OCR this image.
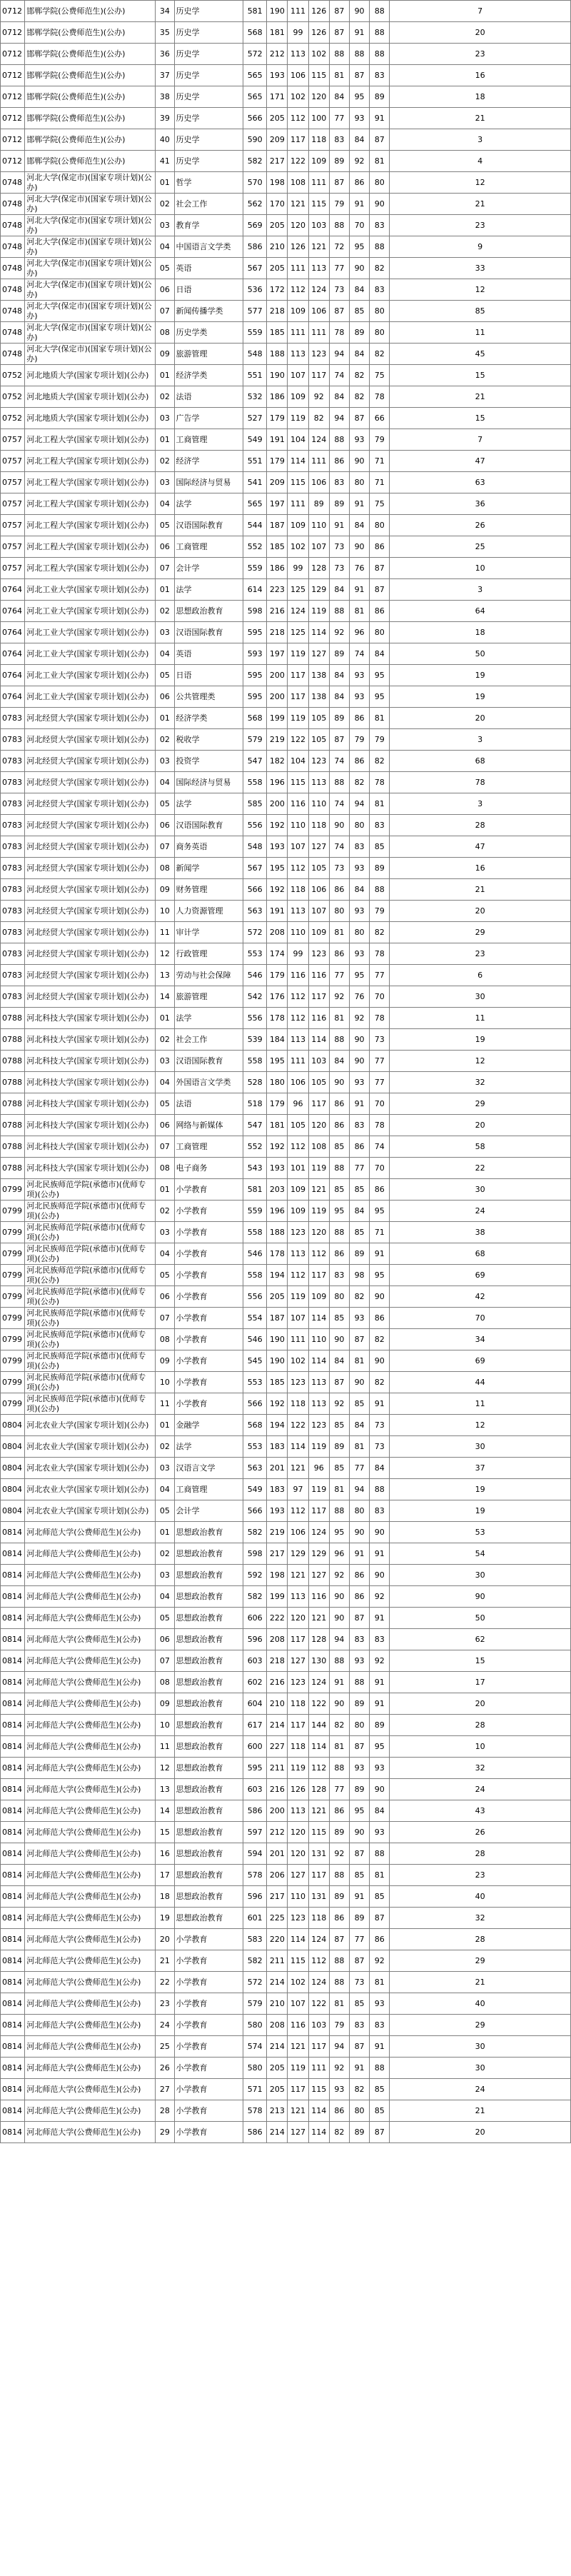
0712	邯郸学院(公费师范生)(公办)	34	历史学	581	190	111	126	87	90	88	7
0712	邯郸学院(公费师范生)(公办)	35	历史学	568	181	99	126	87	91	88	20
0712	邯郸学院(公费师范生)(公办)	36	历史学	572	212	113	102	88	88	88	23
0712	邯郸学院(公费师范生)(公办)	37	历史学	565	193	106	115	81	87	83	16
0712	邯郸学院(公费师范生)(公办)	38	历史学	565	171	102	120	84	95	89	18
0712	邯郸学院(公费师范生)(公办)	39	历史学	566	205	112	100	77	93	91	21
0712	邯郸学院(公费师范生)(公办)	40	历史学	590	209	117	118	83	84	87	3
0712	邯郸学院(公费师范生)(公办)	41	历史学	582	217	122	109	89	92	81	4
0748	河北大学(保定市)(国家专项计划)(公办)	01	哲学	570	198	108	111	87	86	80	12
0748	河北大学(保定市)(国家专项计划)(公办)	02	社会工作	562	170	121	115	79	91	90	21
0748	河北大学(保定市)(国家专项计划)(公办)	03	教育学	569	205	120	103	88	70	83	23
0748	河北大学(保定市)(国家专项计划)(公办)	04	中国语言文学类	586	210	126	121	72	95	88	9
0748	河北大学(保定市)(国家专项计划)(公办)	05	英语	567	205	111	113	77	90	82	33
0748	河北大学(保定市)(国家专项计划)(公办)	06	日语	536	172	112	124	73	84	83	12
0748	河北大学(保定市)(国家专项计划)(公办)	07	新闻传播学类	577	218	109	106	87	85	80	85
0748	河北大学(保定市)(国家专项计划)(公办)	08	历史学类	559	185	111	111	78	89	80	11
0748	河北大学(保定市)(国家专项计划)(公办)	09	旅游管理	548	188	113	123	94	84	82	45
0752	河北地质大学(国家专项计划)(公办)	01	经济学类	551	190	107	117	74	82	75	15
0752	河北地质大学(国家专项计划)(公办)	02	法语	532	186	109	92	84	82	78	21
0752	河北地质大学(国家专项计划)(公办)	03	广告学	527	179	119	82	94	87	66	15
0757	河北工程大学(国家专项计划)(公办)	01	工商管理	549	191	104	124	88	93	79	7
0757	河北工程大学(国家专项计划)(公办)	02	经济学	551	179	114	111	86	90	71	47
0757	河北工程大学(国家专项计划)(公办)	03	国际经济与贸易	541	209	115	106	83	80	71	63
0757	河北工程大学(国家专项计划)(公办)	04	法学	565	197	111	89	89	91	75	36
0757	河北工程大学(国家专项计划)(公办)	05	汉语国际教育	544	187	109	110	91	84	80	26
0757	河北工程大学(国家专项计划)(公办)	06	工商管理	552	185	102	107	73	90	86	25
0757	河北工程大学(国家专项计划)(公办)	07	会计学	559	186	99	128	73	76	87	10
0764	河北工业大学(国家专项计划)(公办)	01	法学	614	223	125	129	84	91	87	3
0764	河北工业大学(国家专项计划)(公办)	02	思想政治教育	598	216	124	119	88	81	86	64
0764	河北工业大学(国家专项计划)(公办)	03	汉语国际教育	595	218	125	114	92	96	80	18
0764	河北工业大学(国家专项计划)(公办)	04	英语	593	197	119	127	89	74	84	50
0764	河北工业大学(国家专项计划)(公办)	05	日语	595	200	117	138	84	93	95	19
0764	河北工业大学(国家专项计划)(公办)	06	公共管理类	595	200	117	138	84	93	95	19
0783	河北经贸大学(国家专项计划)(公办)	01	经济学类	568	199	119	105	89	86	81	20
0783	河北经贸大学(国家专项计划)(公办)	02	税收学	579	219	122	105	87	79	79	3
0783	河北经贸大学(国家专项计划)(公办)	03	投资学	547	182	104	123	74	86	82	68
0783	河北经贸大学(国家专项计划)(公办)	04	国际经济与贸易	558	196	115	113	88	82	78	78
0783	河北经贸大学(国家专项计划)(公办)	05	法学	585	200	116	110	74	94	81	3
0783	河北经贸大学(国家专项计划)(公办)	06	汉语国际教育	556	192	110	118	90	80	83	28
0783	河北经贸大学(国家专项计划)(公办)	07	商务英语	548	193	107	127	74	83	85	47
0783	河北经贸大学(国家专项计划)(公办)	08	新闻学	567	195	112	105	73	93	89	16
0783	河北经贸大学(国家专项计划)(公办)	09	财务管理	566	192	118	106	86	84	88	21
0783	河北经贸大学(国家专项计划)(公办)	10	人力资源管理	563	191	113	107	80	93	79	20
0783	河北经贸大学(国家专项计划)(公办)	11	审计学	572	208	110	109	81	80	82	29
0783	河北经贸大学(国家专项计划)(公办)	12	行政管理	553	174	99	123	86	93	78	23
0783	河北经贸大学(国家专项计划)(公办)	13	劳动与社会保障	546	179	116	116	77	95	77	6
0783	河北经贸大学(国家专项计划)(公办)	14	旅游管理	542	176	112	117	92	76	70	30
0788	河北科技大学(国家专项计划)(公办)	01	法学	556	178	112	116	81	92	78	11
0788	河北科技大学(国家专项计划)(公办)	02	社会工作	539	184	113	114	88	90	73	19
0788	河北科技大学(国家专项计划)(公办)	03	汉语国际教育	558	195	111	103	84	90	77	12
0788	河北科技大学(国家专项计划)(公办)	04	外国语言文学类	528	180	106	105	90	93	77	32
0788	河北科技大学(国家专项计划)(公办)	05	法语	518	179	96	117	86	91	70	29
0788	河北科技大学(国家专项计划)(公办)	06	网络与新媒体	547	181	105	120	86	83	78	20
0788	河北科技大学(国家专项计划)(公办)	07	工商管理	552	192	112	108	85	86	74	58
0788	河北科技大学(国家专项计划)(公办)	08	电子商务	543	193	101	119	88	77	70	22
0799	河北民族师范学院(承德市)(优师专项)(公办)	01	小学教育	581	203	109	121	85	85	86	30
0799	河北民族师范学院(承德市)(优师专项)(公办)	02	小学教育	559	196	109	119	95	84	95	24
0799	河北民族师范学院(承德市)(优师专项)(公办)	03	小学教育	558	188	123	120	88	85	71	38
0799	河北民族师范学院(承德市)(优师专项)(公办)	04	小学教育	546	178	113	112	86	89	91	68
0799	河北民族师范学院(承德市)(优师专项)(公办)	05	小学教育	558	194	112	117	83	98	95	69
0799	河北民族师范学院(承德市)(优师专项)(公办)	06	小学教育	556	205	119	109	80	82	90	42
0799	河北民族师范学院(承德市)(优师专项)(公办)	07	小学教育	554	187	107	114	85	93	86	70
0799	河北民族师范学院(承德市)(优师专项)(公办)	08	小学教育	546	190	111	110	90	87	82	34
0799	河北民族师范学院(承德市)(优师专项)(公办)	09	小学教育	545	190	102	114	84	81	90	69
0799	河北民族师范学院(承德市)(优师专项)(公办)	10	小学教育	553	185	123	113	87	90	82	44
0799	河北民族师范学院(承德市)(优师专项)(公办)	11	小学教育	566	192	118	113	92	85	91	11
0804	河北农业大学(国家专项计划)(公办)	01	金融学	568	194	122	123	85	84	73	12
0804	河北农业大学(国家专项计划)(公办)	02	法学	553	183	114	119	89	81	73	30
0804	河北农业大学(国家专项计划)(公办)	03	汉语言文学	563	201	121	96	85	77	84	37
0804	河北农业大学(国家专项计划)(公办)	04	工商管理	549	183	97	119	81	94	88	19
0804	河北农业大学(国家专项计划)(公办)	05	会计学	566	193	112	117	88	80	83	19
0814	河北师范大学(公费师范生)(公办)	01	思想政治教育	582	219	106	124	95	90	90	53
0814	河北师范大学(公费师范生)(公办)	02	思想政治教育	598	217	129	129	96	91	91	54
0814	河北师范大学(公费师范生)(公办)	03	思想政治教育	592	198	121	127	92	86	90	30
0814	河北师范大学(公费师范生)(公办)	04	思想政治教育	582	199	113	116	90	86	92	90
0814	河北师范大学(公费师范生)(公办)	05	思想政治教育	606	222	120	121	90	87	91	50
0814	河北师范大学(公费师范生)(公办)	06	思想政治教育	596	208	117	128	94	83	83	62
0814	河北师范大学(公费师范生)(公办)	07	思想政治教育	603	218	127	130	88	93	92	15
0814	河北师范大学(公费师范生)(公办)	08	思想政治教育	602	216	123	124	91	88	91	17
0814	河北师范大学(公费师范生)(公办)	09	思想政治教育	604	210	118	122	90	89	91	20
0814	河北师范大学(公费师范生)(公办)	10	思想政治教育	617	214	117	144	82	80	89	28
0814	河北师范大学(公费师范生)(公办)	11	思想政治教育	600	227	118	114	81	87	95	10
0814	河北师范大学(公费师范生)(公办)	12	思想政治教育	595	211	119	112	88	93	93	32
0814	河北师范大学(公费师范生)(公办)	13	思想政治教育	603	216	126	128	77	89	90	24
0814	河北师范大学(公费师范生)(公办)	14	思想政治教育	586	200	113	121	86	95	84	43
0814	河北师范大学(公费师范生)(公办)	15	思想政治教育	597	212	120	115	89	90	93	26
0814	河北师范大学(公费师范生)(公办)	16	思想政治教育	594	201	120	131	92	87	88	28
0814	河北师范大学(公费师范生)(公办)	17	思想政治教育	578	206	127	117	88	85	81	23
0814	河北师范大学(公费师范生)(公办)	18	思想政治教育	596	217	110	131	89	91	85	40
0814	河北师范大学(公费师范生)(公办)	19	思想政治教育	601	225	123	118	86	89	87	32
0814	河北师范大学(公费师范生)(公办)	20	小学教育	583	220	114	124	87	77	86	28
0814	河北师范大学(公费师范生)(公办)	21	小学教育	582	211	115	112	88	87	92	29
0814	河北师范大学(公费师范生)(公办)	22	小学教育	572	214	102	124	88	73	81	21
0814	河北师范大学(公费师范生)(公办)	23	小学教育	579	210	107	122	81	85	93	40
0814	河北师范大学(公费师范生)(公办)	24	小学教育	580	208	116	103	79	83	83	29
0814	河北师范大学(公费师范生)(公办)	25	小学教育	574	214	121	117	94	87	91	30
0814	河北师范大学(公费师范生)(公办)	26	小学教育	580	205	119	111	92	91	88	30
0814	河北师范大学(公费师范生)(公办)	27	小学教育	571	205	117	115	93	82	85	24
0814	河北师范大学(公费师范生)(公办)	28	小学教育	578	213	121	114	86	80	85	21
0814	河北师范大学(公费师范生)(公办)	29	小学教育	586	214	127	114	82	89	87	20
